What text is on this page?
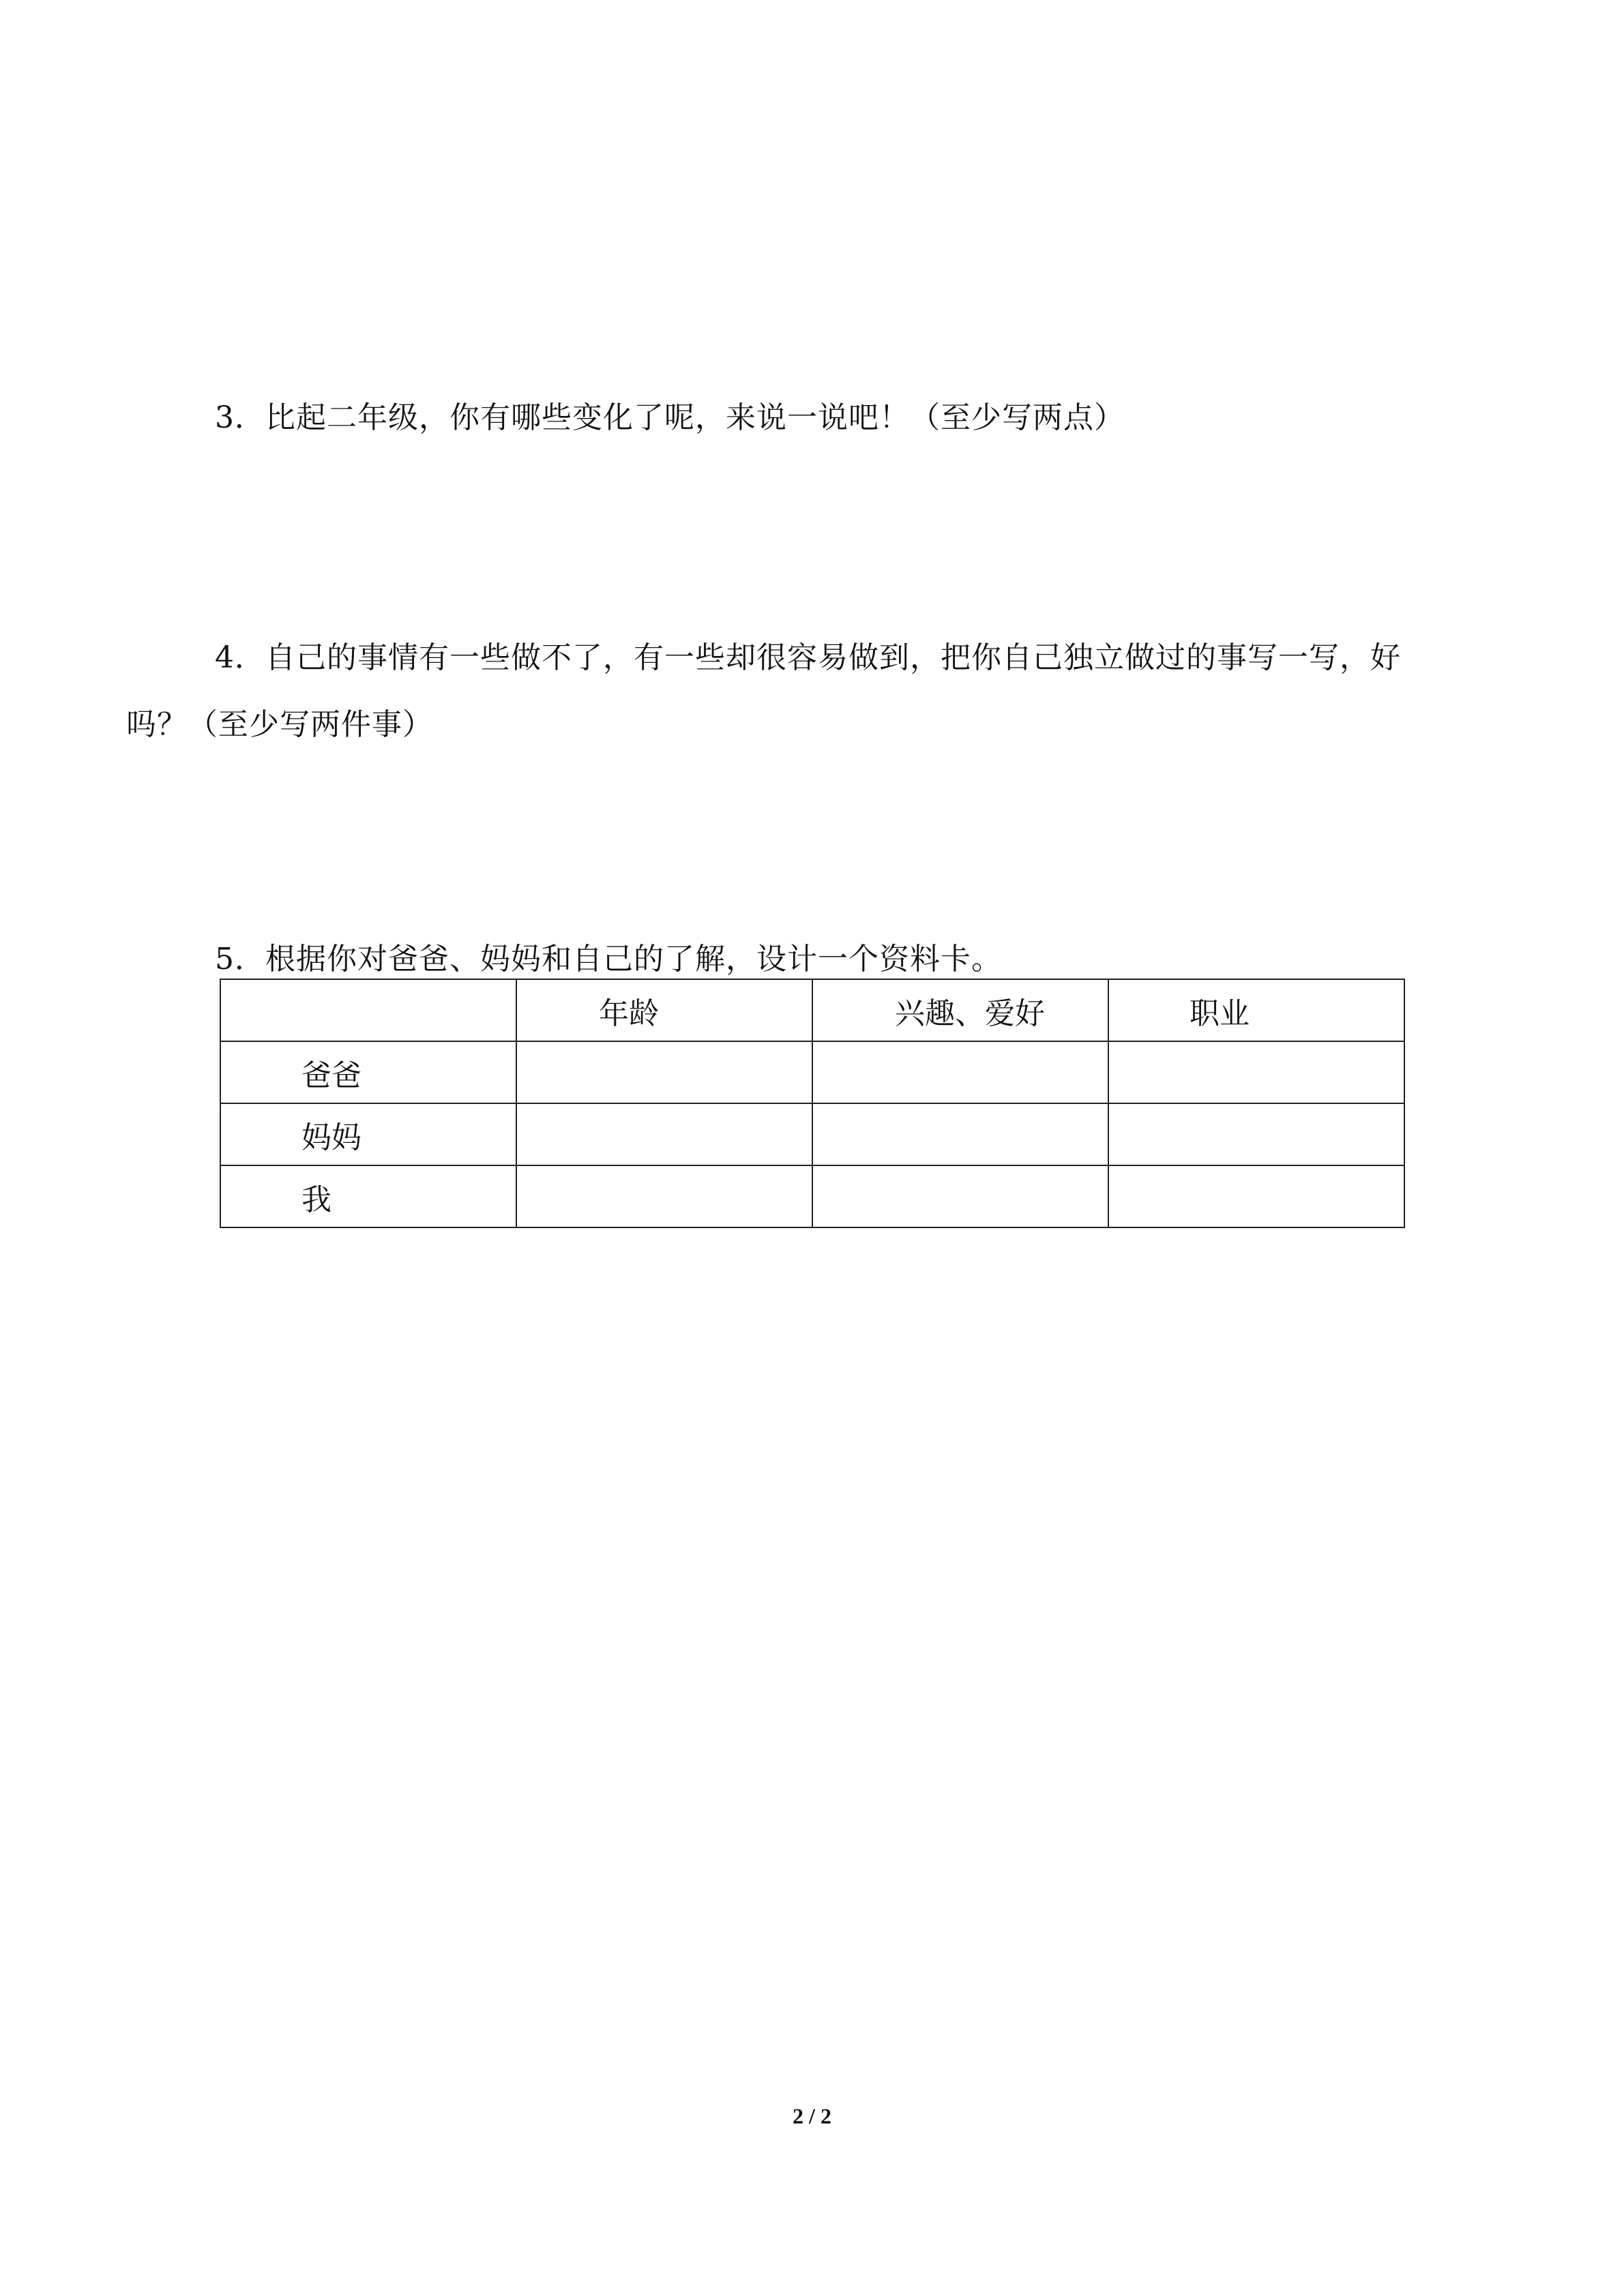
3．比起二年级，你有哪些变化了呢，来说一说吧！（至少写两点）
4．自己的事情有一些做不了，有一些却很容易做到，把你自己独立做过的事写一写，好
吗？（至少写两件事）
5．根据你对爸爸、妈妈和自己的了解，设计一个资料卡。
	年龄	兴趣、爱好	职业
爸爸			
妈妈			
我			
2 / 2
